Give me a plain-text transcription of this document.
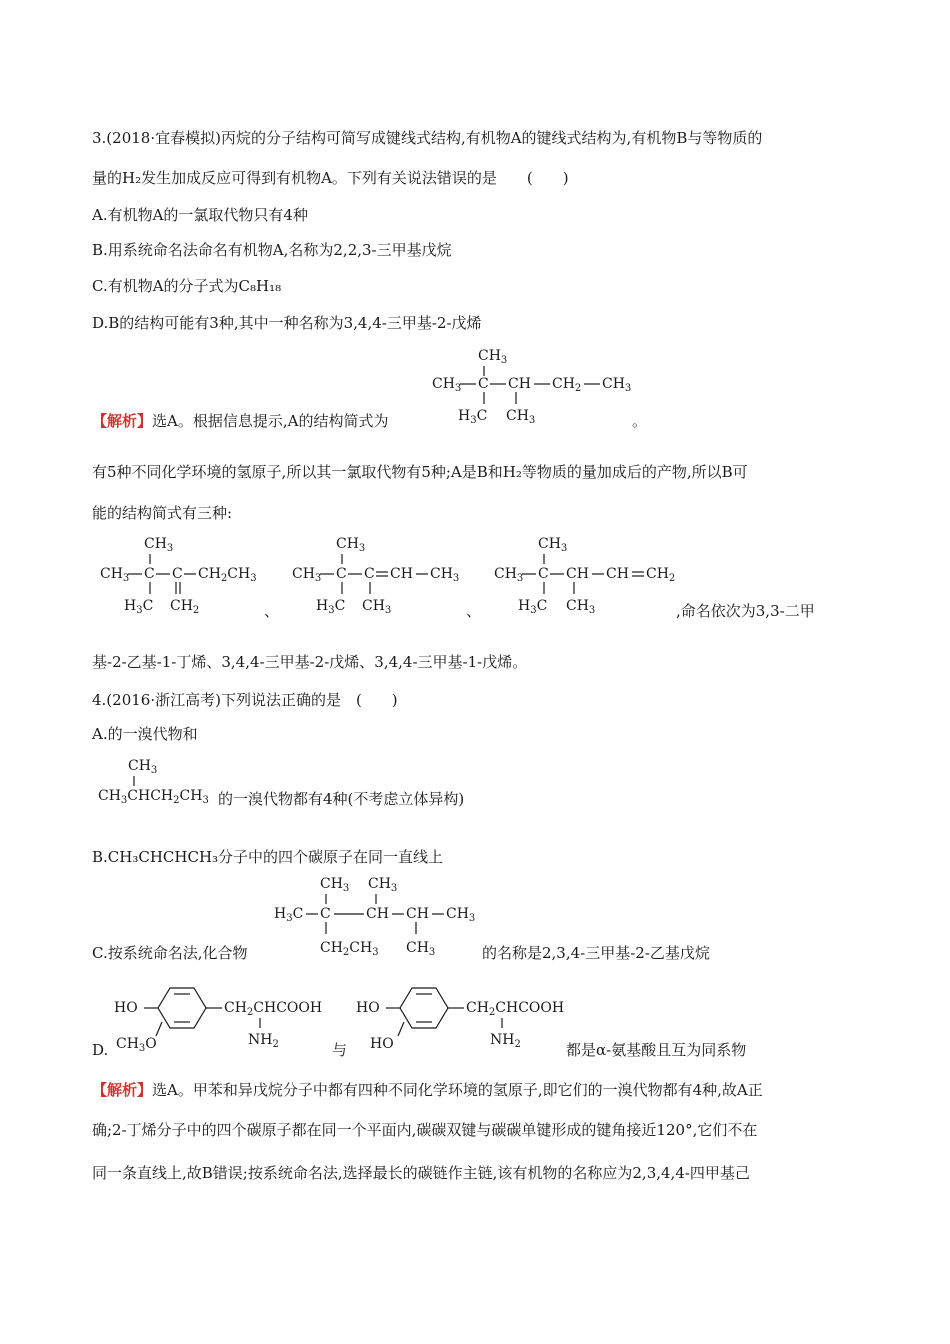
3.(2018·宜春模拟)丙烷的分子结构可简写成键线式结构,有机物A的键线式结构为,有机物B与等物质的
量的H₂发生加成反应可得到有机物A。下列有关说法错误的是　　(　　)
A.有机物A的一氯取代物只有4种
B.用系统命名法命名有机物A,名称为2,2,3-三甲基戊烷
C.有机物A的分子式为C₈H₁₈
D.B的结构可能有3种,其中一种名称为3,4,4-三甲基-2-戊烯
$CH_3$
$CH_3$ C CH $CH_2$ $CH_3$
$H_3C$ $CH_3$
【解析】选A。根据信息提示,A的结构简式为	。
有5种不同化学环境的氢原子,所以其一氯取代物有5种;A是B和H₂等物质的量加成后的产物,所以B可
能的结构简式有三种:
$CH_3$
$CH_3$ C C $CH_2CH_3$
$H_3C$ $CH_2$	、
$CH_3$
$CH_3$ C C CH $CH_3$
$H_3C$ $CH_3$	、
$CH_3$
$CH_3$ C CH CH $CH_2$
$H_3C$ $CH_3$	,命名依次为3,3-二甲
基-2-乙基-1-丁烯、3,4,4-三甲基-2-戊烯、3,4,4-三甲基-1-戊烯。
4.(2016·浙江高考)下列说法正确的是　(　　)
A.的一溴代物和
$CH_3$
$CH_3CHCH_2CH_3$ 的一溴代物都有4种(不考虑立体异构)
B.CH₃CHCHCH₃分子中的四个碳原子在同一直线上
$CH_3$ $CH_3$
$H_3C$ C	CH CH $CH_3$
$CH_2CH_3$ $CH_3$
C.按系统命名法,化合物	的名称是2,3,4-三甲基-2-乙基戊烷
HO	$CH_2CHCOOH$
$NH_2$
$CH_3O$
D.	与
HO	$CH_2CHCOOH$
$NH_2$
HO	都是α-氨基酸且互为同系物
【解析】选A。甲苯和异戊烷分子中都有四种不同化学环境的氢原子,即它们的一溴代物都有4种,故A正
确;2-丁烯分子中的四个碳原子都在同一个平面内,碳碳双键与碳碳单键形成的键角接近120°,它们不在
同一条直线上,故B错误;按系统命名法,选择最长的碳链作主链,该有机物的名称应为2,3,4,4-四甲基己
